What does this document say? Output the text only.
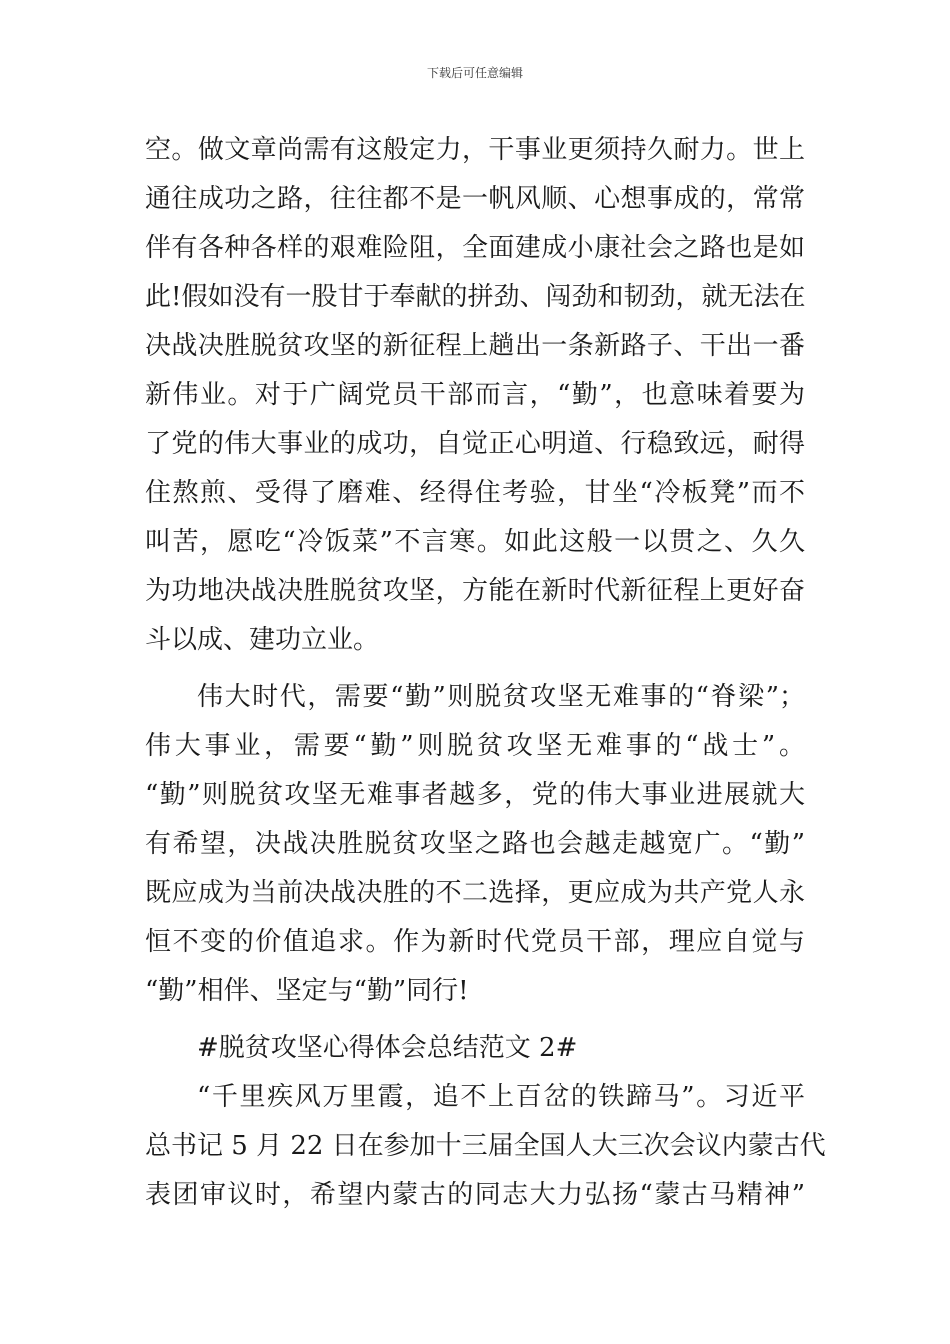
下载后可任意编辑
空。做文章尚需有这般定力，干事业更须持久耐力。世上
通往成功之路，往往都不是一帆风顺、心想事成的，常常
伴有各种各样的艰难险阻，全面建成小康社会之路也是如
此!假如没有一股甘于奉献的拼劲、闯劲和韧劲，就无法在
决战决胜脱贫攻坚的新征程上趟出一条新路子、干出一番
新伟业。对于广阔党员干部而言，“勤”，也意味着要为
了党的伟大事业的成功，自觉正心明道、行稳致远，耐得
住熬煎、受得了磨难、经得住考验，甘坐“冷板凳”而不
叫苦，愿吃“冷饭菜”不言寒。如此这般一以贯之、久久
为功地决战决胜脱贫攻坚，方能在新时代新征程上更好奋
斗以成、建功立业。
伟大时代，需要“勤”则脱贫攻坚无难事的“脊梁”；
伟大事业，需要“勤”则脱贫攻坚无难事的“战士”。
“勤”则脱贫攻坚无难事者越多，党的伟大事业进展就大
有希望，决战决胜脱贫攻坚之路也会越走越宽广。“勤”
既应成为当前决战决胜的不二选择，更应成为共产党人永
恒不变的价值追求。作为新时代党员干部，理应自觉与
“勤”相伴、坚定与“勤”同行!
#脱贫攻坚心得体会总结范文 2#
“千里疾风万里霞，追不上百岔的铁蹄马”。习近平
总书记 5 月 22 日在参加十三届全国人大三次会议内蒙古代
表团审议时，希望内蒙古的同志大力弘扬“蒙古马精神”
